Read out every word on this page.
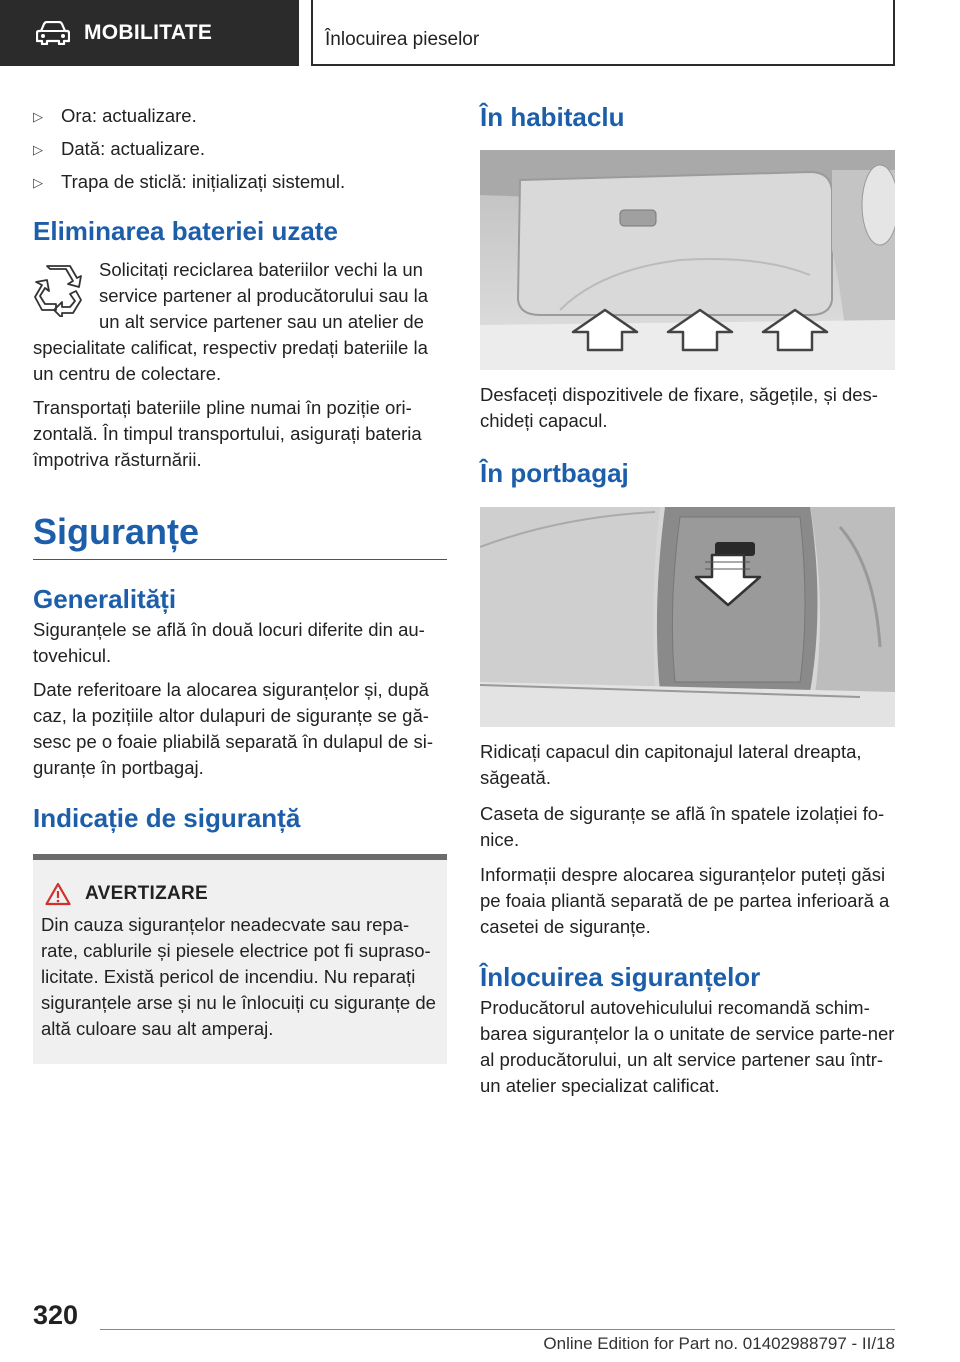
MOBILITATE	Înlocuirea pieselor
▷ Ora: actualizare.
▷ Dată: actualizare.
▷ Trapa de sticlă: inițializați sistemul.
Eliminarea bateriei uzate

Solicitați reciclarea bateriilor vechi la un service partener al producătorului sau la un alt service partener sau un atelier de specialitate calificat, respectiv predați bateriile la un centru de colectare.

Transportați bateriile pline numai în poziție ori-zontală. În timpul transportului, asigurați bateria împotriva răsturnării.

Siguranțe
Generalități

Siguranțele se află în două locuri diferite din au-tovehicul.

Date referitoare la alocarea siguranțelor și, după caz, la pozițiile altor dulapuri de siguranțe se gă-sesc pe o foaie pliabilă separată în dulapul de si-guranțe în portbagaj.

Indicație de siguranță
AVERTIZARE

Din cauza siguranțelor neadecvate sau repa-rate, cablurile și piesele electrice pot fi supraso-licitate. Există pericol de incendiu. Nu reparați siguranțele arse și nu le înlocuiți cu siguranțe de altă culoare sau alt amperaj.

În habitaclu

Desfaceți dispozitivele de fixare, săgețile, și des-chideți capacul.

În portbagaj

Ridicați capacul din capitonajul lateral dreapta, săgeată.

Caseta de siguranțe se află în spatele izolației fo-nice.

Informații despre alocarea siguranțelor puteți găsi pe foaia pliantă separată de pe partea inferioară a casetei de siguranțe.

Înlocuirea siguranțelor

Producătorul autovehiculului recomandă schim-barea siguranțelor la o unitate de service parte-ner al producătorului, un alt service partener sau într-un atelier specializat calificat.

320
Online Edition for Part no. 01402988797 - II/18
